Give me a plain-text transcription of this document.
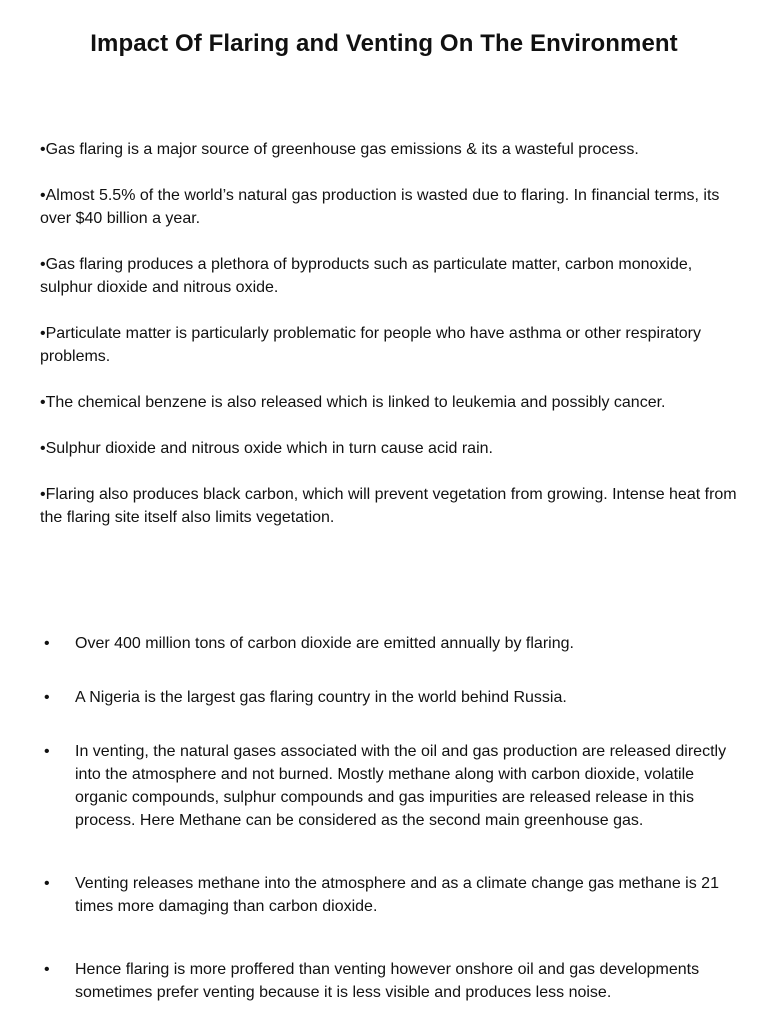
Impact Of Flaring and Venting On The Environment

•Gas flaring is a major source of greenhouse gas emissions & its a wasteful process.

•Almost 5.5% of the world’s natural gas production is wasted due to flaring. In financial terms, its over $40 billion a year.

•Gas flaring produces a plethora of byproducts such as particulate matter, carbon monoxide, sulphur dioxide and nitrous oxide.

•Particulate matter is particularly problematic for people who have asthma or other respiratory problems.

•The chemical benzene is also released which is linked to leukemia and possibly cancer.

•Sulphur dioxide and nitrous oxide which in turn cause acid rain.

•Flaring also produces black carbon, which will prevent vegetation from growing. Intense heat from the flaring site itself also limits vegetation.

• Over 400 million tons of carbon dioxide are emitted annually by flaring.
• A Nigeria is the largest gas flaring country in the world behind Russia.
• In venting, the natural gases associated with the oil and gas production are released directly into the atmosphere and not burned. Mostly methane along with carbon dioxide, volatile organic compounds, sulphur compounds and gas impurities are released release in this process. Here Methane can be considered as the second main greenhouse gas.
• Venting releases methane into the atmosphere and as a climate change gas methane is 21 times more damaging than carbon dioxide.
• Hence flaring is more proffered than venting however onshore oil and gas developments sometimes prefer venting because it is less visible and produces less noise.
